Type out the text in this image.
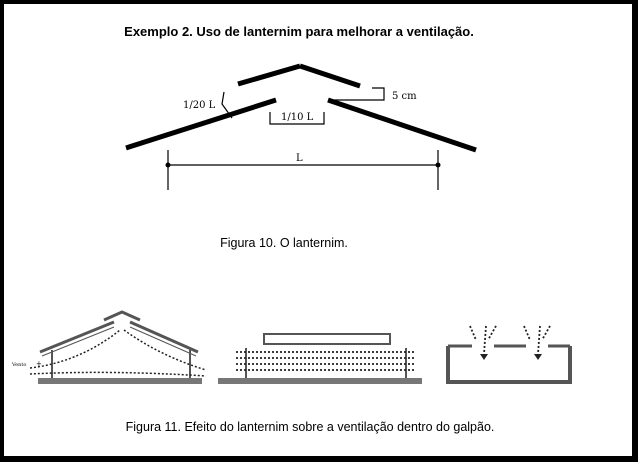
Exemplo 2. Uso de lanternim para melhorar a ventilação.
1/20 L
1/10 L
5 cm
L
Vento +
Figura 10. O lanternim.
Figura 11. Efeito do lanternim sobre a ventilação dentro do galpão.
